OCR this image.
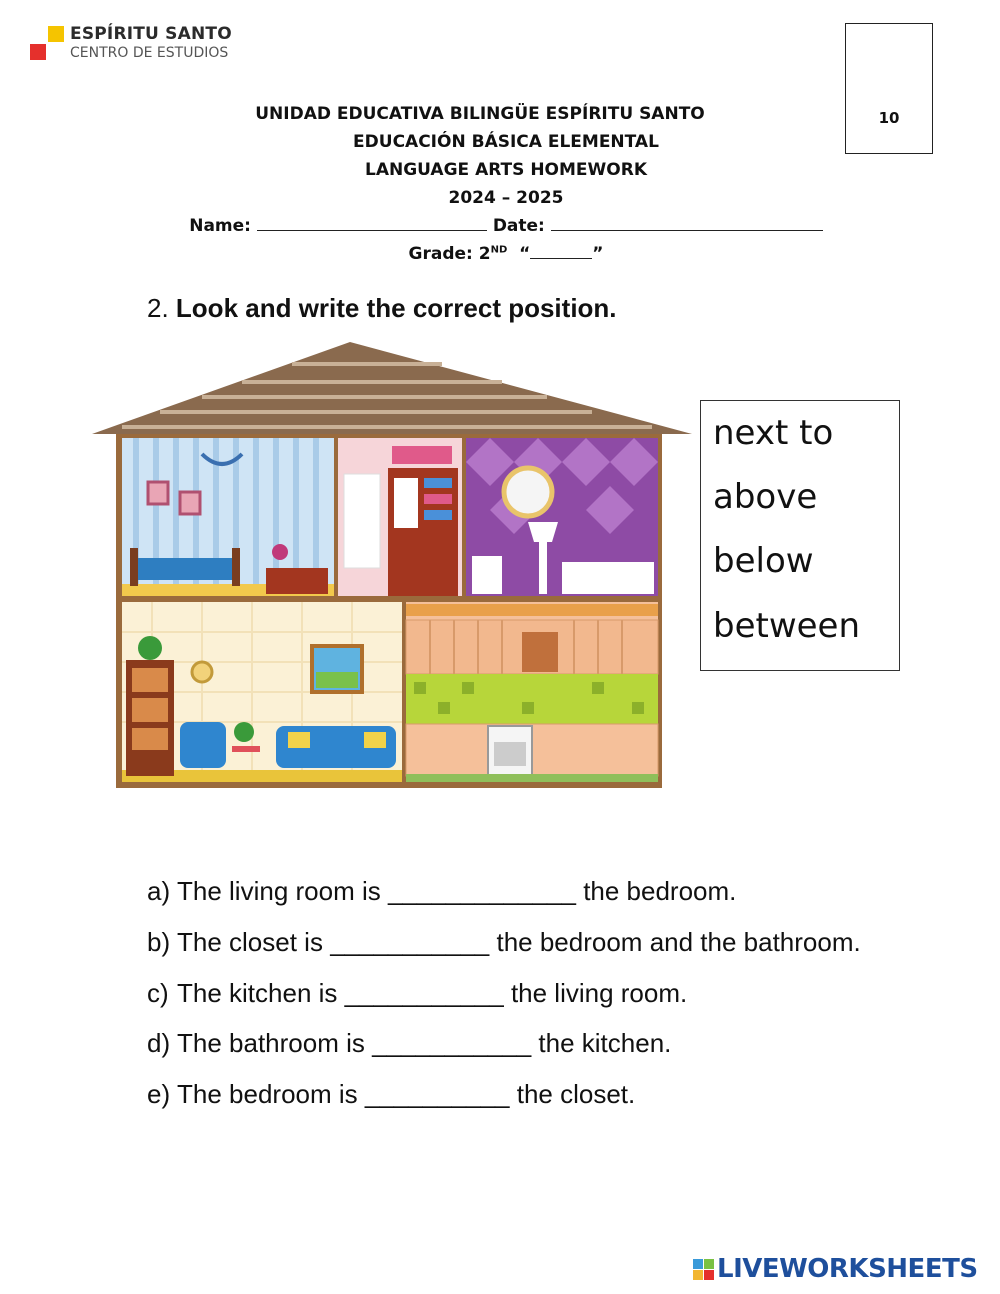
ESPÍRITU SANTO
CENTRO DE ESTUDIOS
10
UNIDAD EDUCATIVA BILINGÜE ESPÍRITU SANTO
EDUCACIÓN BÁSICA ELEMENTAL
LANGUAGE ARTS HOMEWORK
2024 – 2025
Name:	Date:
Grade: 2ND “	”
2. Look and write the correct position.
next to
above
below
between
a) The living room is _____________ the bedroom.
b) The closet is ___________ the bedroom and the bathroom.
c) The kitchen is ___________ the living room.
d) The bathroom is ___________ the kitchen.
e) The bedroom is __________ the closet.
LIVEWORKSHEETS
